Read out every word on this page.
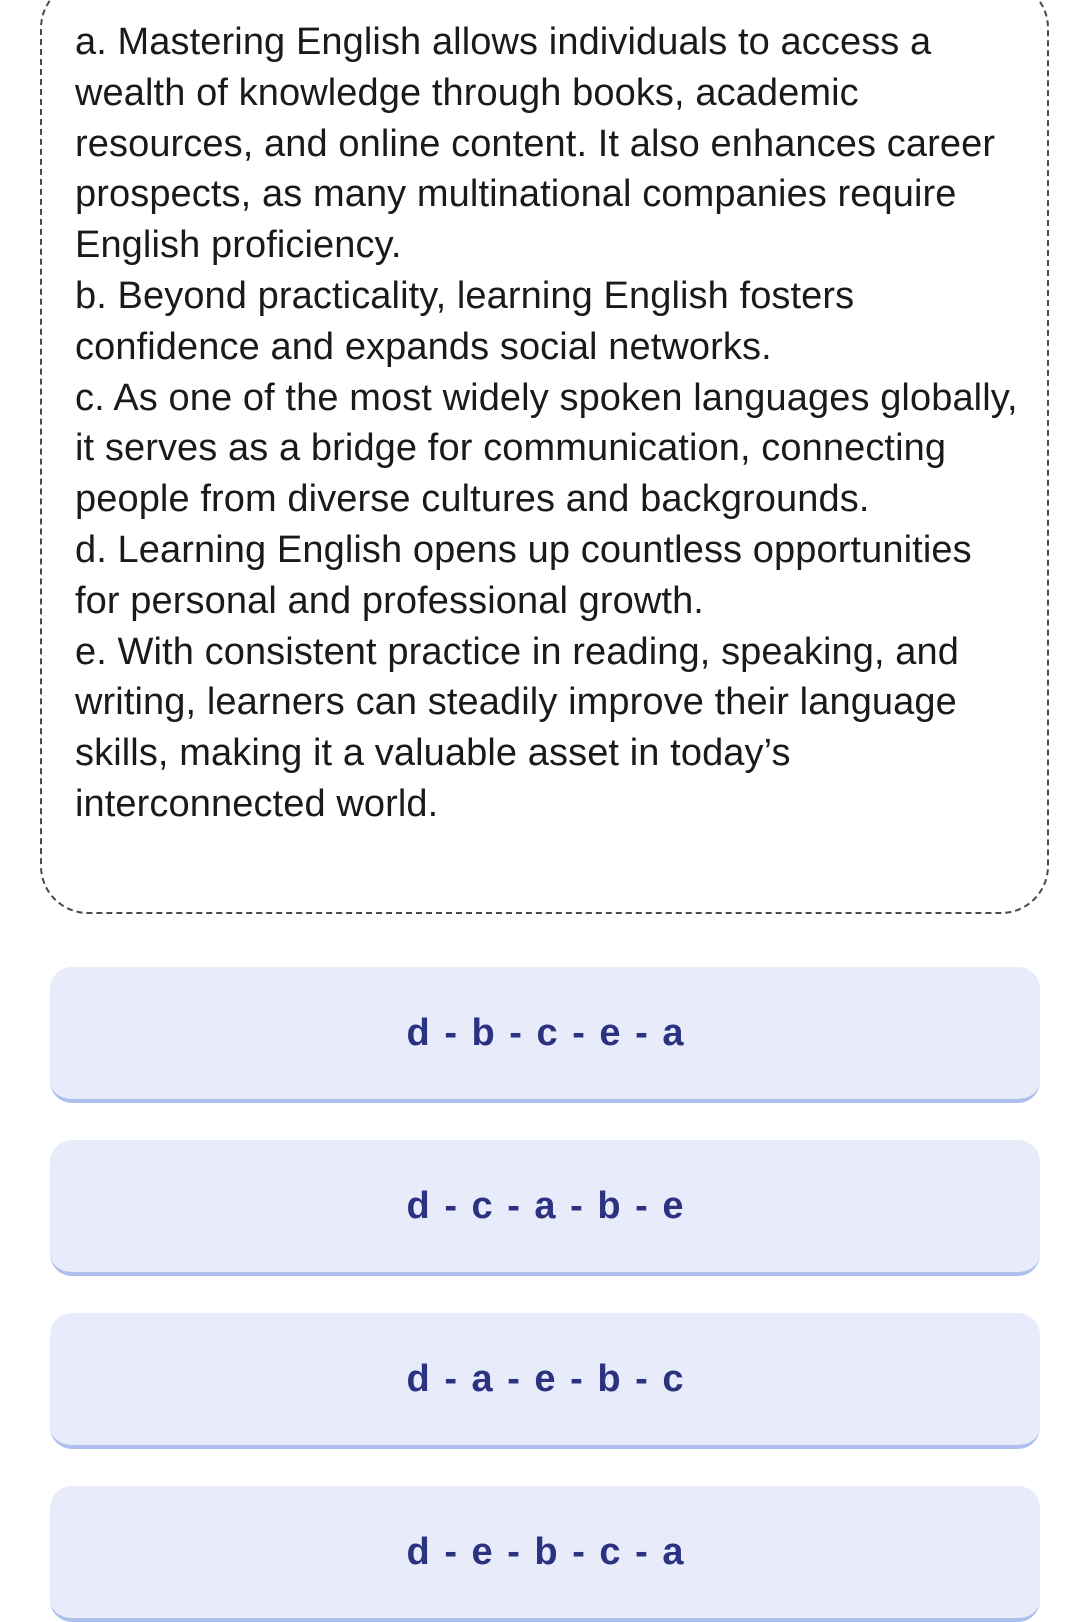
a. Mastering English allows individuals to access a wealth of knowledge through books, academic resources, and online content. It also enhances career prospects, as many multinational companies require English proficiency.
b. Beyond practicality, learning English fosters confidence and expands social networks.
c. As one of the most widely spoken languages globally, it serves as a bridge for communication, connecting people from diverse cultures and backgrounds.
d. Learning English opens up countless opportunities for personal and professional growth.
e. With consistent practice in reading, speaking, and writing, learners can steadily improve their language skills, making it a valuable asset in today’s interconnected world.
d - b - c - e - a
d - c - a - b - e
d - a - e - b - c
d - e - b - c - a
